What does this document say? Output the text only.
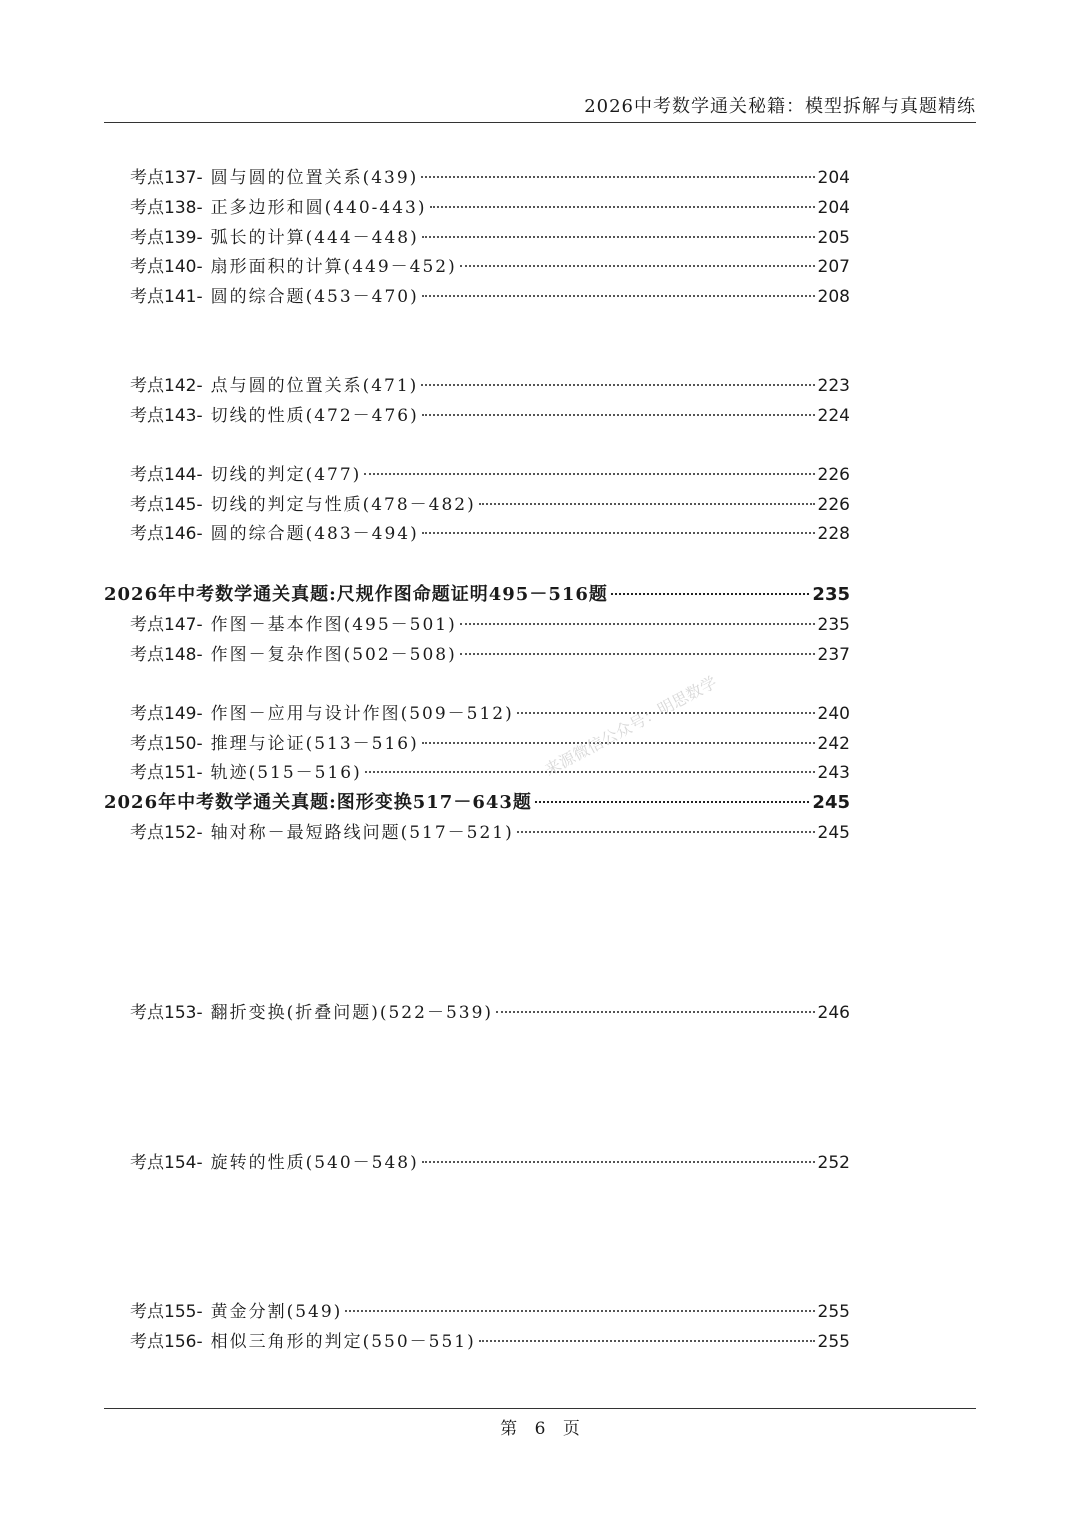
2026中考数学通关秘籍：模型拆解与真题精练
考点137- 圆与圆的位置关系(439)	204
考点138- 正多边形和圆(440-443)	204
考点139- 弧长的计算(444－448)	205
考点140- 扇形面积的计算(449－452)	207
考点141- 圆的综合题(453－470)	208
考点142- 点与圆的位置关系(471)	223
考点143- 切线的性质(472－476)	224
考点144- 切线的判定(477)	226
考点145- 切线的判定与性质(478－482)	226
考点146- 圆的综合题(483－494)	228
2026年中考数学通关真题:尺规作图命题证明495－516题	235
考点147- 作图－基本作图(495－501)	235
考点148- 作图－复杂作图(502－508)	237
考点149- 作图－应用与设计作图(509－512)	240
考点150- 推理与论证(513－516)	242
考点151- 轨迹(515－516)	243
2026年中考数学通关真题:图形变换517－643题	245
考点152- 轴对称－最短路线问题(517－521)	245
考点153- 翻折变换(折叠问题)(522－539)	246
考点154- 旋转的性质(540－548)	252
考点155- 黄金分割(549)	255
考点156- 相似三角形的判定(550－551)	255
来源微信公众号：明思数学
第 6 页
